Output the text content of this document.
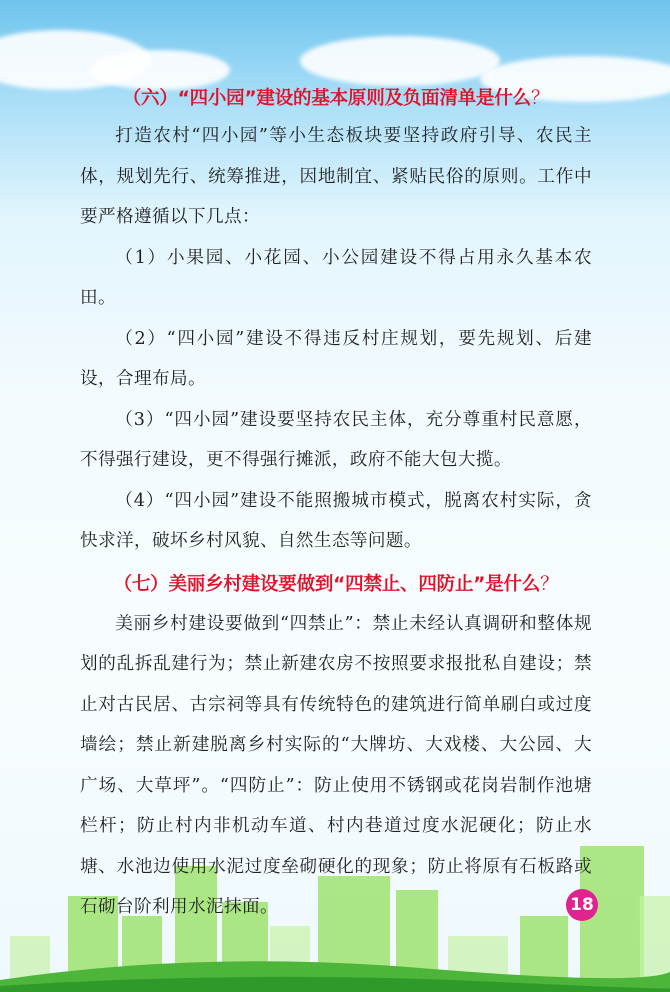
（六）“四小园”建设的基本原则及负面清单是什么？

打造农村“四小园”等小生态板块要坚持政府引导、农民主体，规划先行、统筹推进，因地制宜、紧贴民俗的原则。工作中要严格遵循以下几点：

（1）小果园、小花园、小公园建设不得占用永久基本农田。

（2）“四小园”建设不得违反村庄规划，要先规划、后建设，合理布局。

（3）“四小园”建设要坚持农民主体，充分尊重村民意愿，不得强行建设，更不得强行摊派，政府不能大包大揽。

（4）“四小园”建设不能照搬城市模式，脱离农村实际，贪快求洋，破坏乡村风貌、自然生态等问题。

（七）美丽乡村建设要做到“四禁止、四防止”是什么？

美丽乡村建设要做到“四禁止”：禁止未经认真调研和整体规划的乱拆乱建行为；禁止新建农房不按照要求报批私自建设；禁止对古民居、古宗祠等具有传统特色的建筑进行简单刷白或过度墙绘；禁止新建脱离乡村实际的“大牌坊、大戏楼、大公园、大广场、大草坪”。“四防止”：防止使用不锈钢或花岗岩制作池塘栏杆；防止村内非机动车道、村内巷道过度水泥硬化；防止水塘、水池边使用水泥过度垒砌硬化的现象；防止将原有石板路或石砌台阶利用水泥抹面。	18
